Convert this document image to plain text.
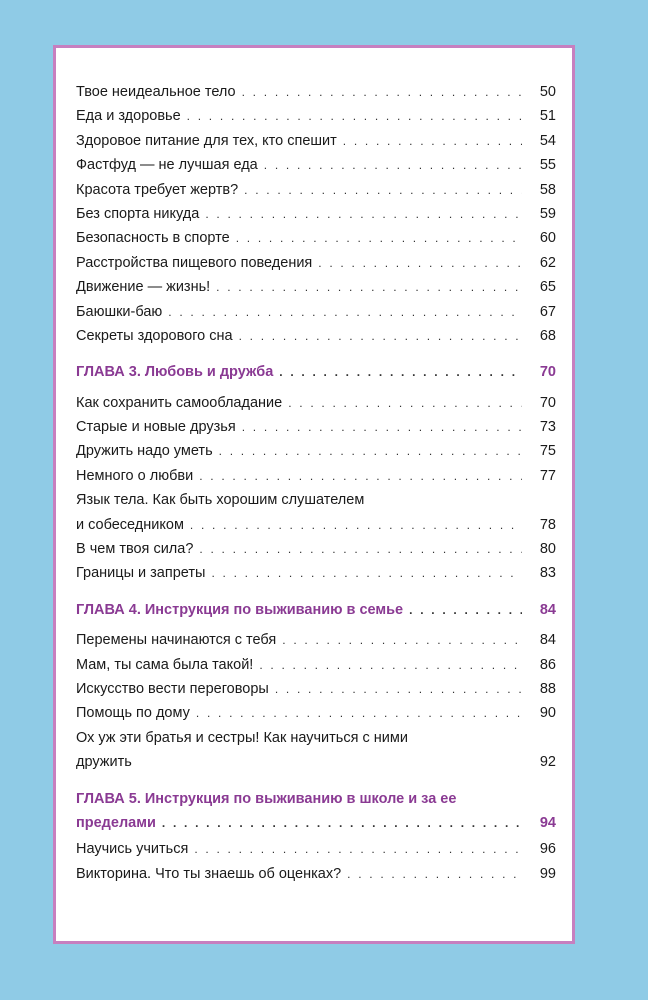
Твое неидеальное тело . . .	50
Еда и здоровье . . .	51
Здоровое питание для тех, кто спешит . . .	54
Фастфуд — не лучшая еда . . .	55
Красота требует жертв? . . .	58
Без спорта никуда . . .	59
Безопасность в спорте . . .	60
Расстройства пищевого поведения . . .	62
Движение — жизнь! . . .	65
Баюшки-баю . . .	67
Секреты здорового сна . . .	68
ГЛАВА 3. Любовь и дружба . . .	70
Как сохранить самообладание . . .	70
Старые и новые друзья . . .	73
Дружить надо уметь . . .	75
Немного о любви . . .	77
Язык тела. Как быть хорошим слушателем
и собеседником . . .	78
В чем твоя сила? . . .	80
Границы и запреты . . .	83
ГЛАВА 4. Инструкция по выживанию в семье . . .	84
Перемены начинаются с тебя . . .	84
Мам, ты сама была такой! . . .	86
Искусство вести переговоры . . .	88
Помощь по дому . . .	90
Ох уж эти братья и сестры! Как научиться с ними
дружить	92
ГЛАВА 5. Инструкция по выживанию в школе и за ее
пределами . . .	94
Научись учиться . . .	96
Викторина. Что ты знаешь об оценках? . . .	99
